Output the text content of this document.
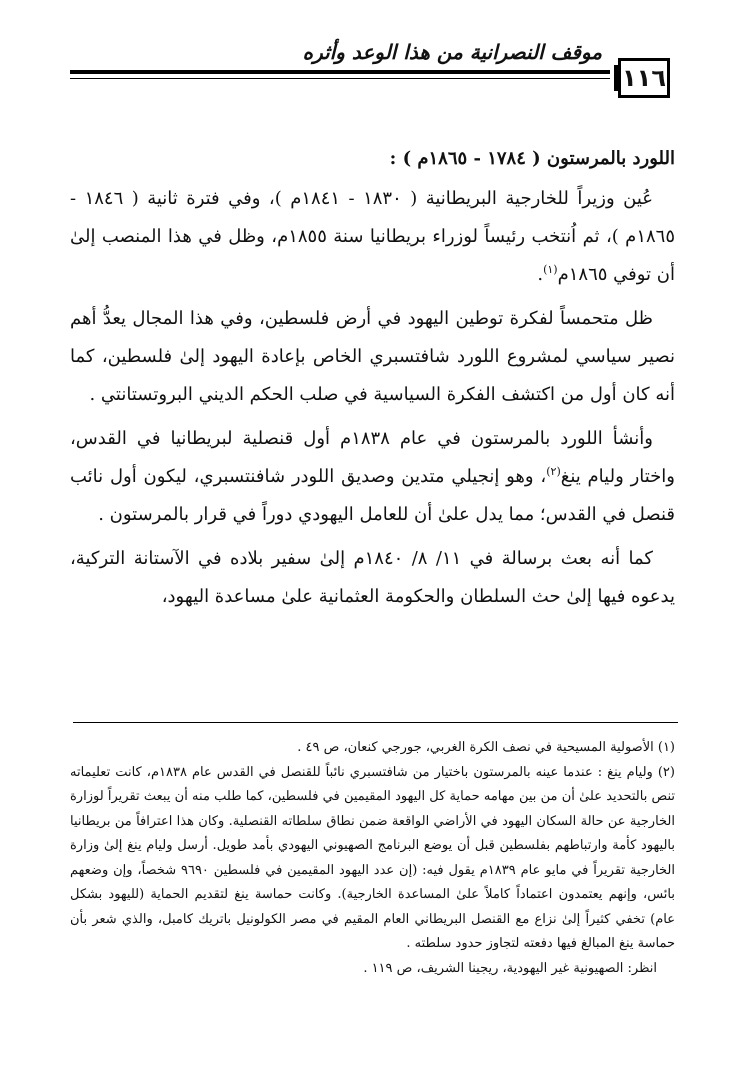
١١٦
موقف النصرانية من هذا الوعد وأثره

اللورد بالمرستون ( ١٧٨٤ - ١٨٦٥م ) :

عُين وزيراً للخارجية البريطانية ( ١٨٣٠ - ١٨٤١م )، وفي فترة ثانية ( ١٨٤٦ - ١٨٦٥م )، ثم اُنتخب رئيساً لوزراء بريطانيا سنة ١٨٥٥م، وظل في هذا المنصب إلىٰ أن توفي ١٨٦٥م$^{(١)}$.

ظل متحمساً لفكرة توطين اليهود في أرض فلسطين، وفي هذا المجال يعدُّ أهم نصير سياسي لمشروع اللورد شافتسبري الخاص بإعادة اليهود إلىٰ فلسطين، كما أنه كان أول من اكتشف الفكرة السياسية في صلب الحكم الديني البروتستانتي .

وأنشأ اللورد بالمرستون في عام ١٨٣٨م أول قنصلية لبريطانيا في القدس، واختار وليام ينغ$^{(٢)}$، وهو إنجيلي متدين وصديق اللودر شافنتسبري، ليكون أول نائب قنصل في القدس؛ مما يدل علىٰ أن للعامل اليهودي دوراً في قرار بالمرستون .

كما أنه بعث برسالة في ١١/ ٨/ ١٨٤٠م إلىٰ سفير بلاده في الآستانة التركية، يدعوه فيها إلىٰ حث السلطان والحكومة العثمانية علىٰ مساعدة اليهود،

(١) الأصولية المسيحية في نصف الكرة الغربي، جورجي كنعان، ص ٤٩ .

(٢) وليام ينغ : عندما عينه بالمرستون باختيار من شافتسبري نائباً للقنصل في القدس عام ١٨٣٨م، كانت تعليماته تنص بالتحديد علىٰ أن من بين مهامه حماية كل اليهود المقيمين في فلسطين، كما طلب منه أن يبعث تقريراً لوزارة الخارجية عن حالة السكان اليهود في الأراضي الواقعة ضمن نطاق سلطاته القنصلية. وكان هذا اعترافاً من بريطانيا باليهود كأمة وارتباطهم بفلسطين قبل أن يوضع البرنامج الصهيوني اليهودي بأمد طويل. أرسل وليام ينغ إلىٰ وزارة الخارجية تقريراً في مايو عام ١٨٣٩م يقول فيه: (إن عدد اليهود المقيمين في فلسطين ٩٦٩٠ شخصاً، وإن وضعهم بائس، وإنهم يعتمدون اعتماداً كاملاً علىٰ المساعدة الخارجية). وكانت حماسة ينغ لتقديم الحماية (لليهود بشكل عام) تخفي كثيراً إلىٰ نزاع مع القنصل البريطاني العام المقيم في مصر الكولونيل باتريك كامبل، والذي شعر بأن حماسة ينغ المبالغ فيها دفعته لتجاوز حدود سلطته .

انظر: الصهيونية غير اليهودية، ريجينا الشريف، ص ١١٩ .
